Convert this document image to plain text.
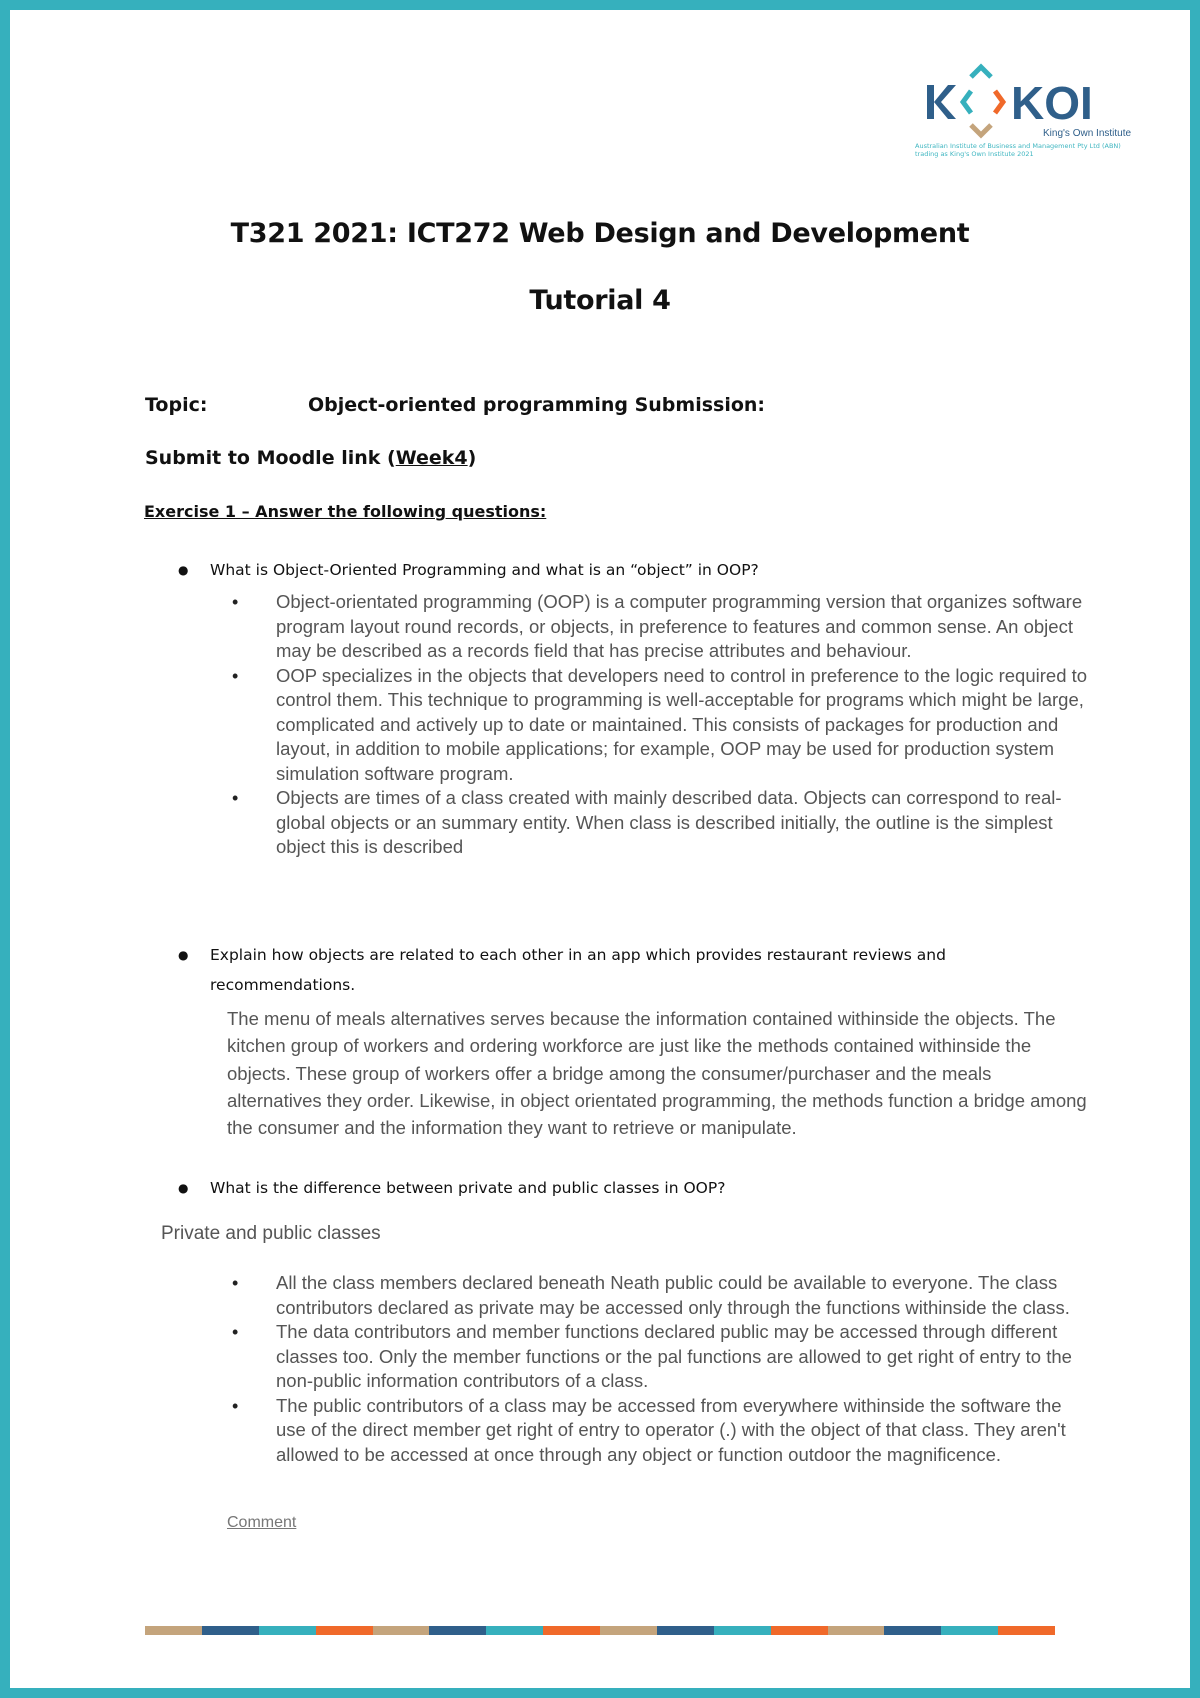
KOI
King's Own Institute
Australian Institute of Business and Management Pty Ltd (ABN) trading as King's Own Institute 2021
T321 2021: ICT272 Web Design and Development
Tutorial 4
Topic:	Object-oriented programming Submission:
Submit to Moodle link (Week4)
Exercise 1 – Answer the following questions:
● What is Object-Oriented Programming and what is an “object” in OOP?
• Object-orientated programming (OOP) is a computer programming version that organizes software program layout round records, or objects, in preference to features and common sense. An object may be described as a records field that has precise attributes and behaviour.
• OOP specializes in the objects that developers need to control in preference to the logic required to control them. This technique to programming is well-acceptable for programs which might be large, complicated and actively up to date or maintained. This consists of packages for production and layout, in addition to mobile applications; for example, OOP may be used for production system simulation software program.
• Objects are times of a class created with mainly described data. Objects can correspond to real-global objects or an summary entity. When class is described initially, the outline is the simplest object this is described
● Explain how objects are related to each other in an app which provides restaurant reviews and recommendations.
The menu of meals alternatives serves because the information contained withinside the objects. The kitchen group of workers and ordering workforce are just like the methods contained withinside the objects. These group of workers offer a bridge among the consumer/purchaser and the meals alternatives they order. Likewise, in object orientated programming, the methods function a bridge among the consumer and the information they want to retrieve or manipulate.
● What is the difference between private and public classes in OOP?
Private and public classes
• All the class members declared beneath Neath public could be available to everyone. The class contributors declared as private may be accessed only through the functions withinside the class.
• The data contributors and member functions declared public may be accessed through different classes too. Only the member functions or the pal functions are allowed to get right of entry to the non-public information contributors of a class.
• The public contributors of a class may be accessed from everywhere withinside the software the use of the direct member get right of entry to operator (.) with the object of that class. They aren't allowed to be accessed at once through any object or function outdoor the magnificence.
Comment
